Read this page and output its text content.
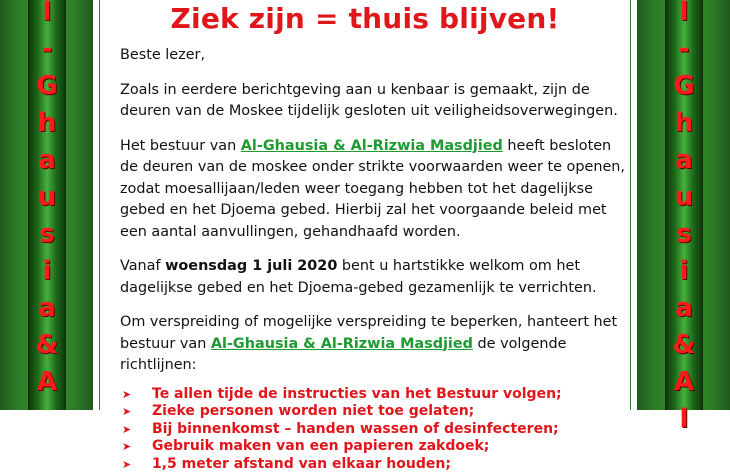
l
-
G
h
a
u
s
i
a
&
A
l
-
G
h
a
u
s
i
a
&
A
l
Ziek zijn = thuis blijven!

Beste lezer,

Zoals in eerdere berichtgeving aan u kenbaar is gemaakt, zijn de deuren van de Moskee tijdelijk gesloten uit veiligheidsoverwegingen.

Het bestuur van Al-Ghausia & Al-Rizwia Masdjied heeft besloten de deuren van de moskee onder strikte voorwaarden weer te openen, zodat moesallijaan/leden weer toegang hebben tot het dagelijkse gebed en het Djoema gebed. Hierbij zal het voorgaande beleid met een aantal aanvullingen, gehandhaafd worden.

Vanaf woensdag 1 juli 2020 bent u hartstikke welkom om het dagelijkse gebed en het Djoema-gebed gezamenlijk te verrichten.

Om verspreiding of mogelijke verspreiding te beperken, hanteert het bestuur van Al-Ghausia & Al-Rizwia Masdjied de volgende richtlijnen:

➤ Te allen tijde de instructies van het Bestuur volgen;
➤ Zieke personen worden niet toe gelaten;
➤ Bij binnenkomst – handen wassen of desinfecteren;
➤ Gebruik maken van een papieren zakdoek;
➤ 1,5 meter afstand van elkaar houden;
